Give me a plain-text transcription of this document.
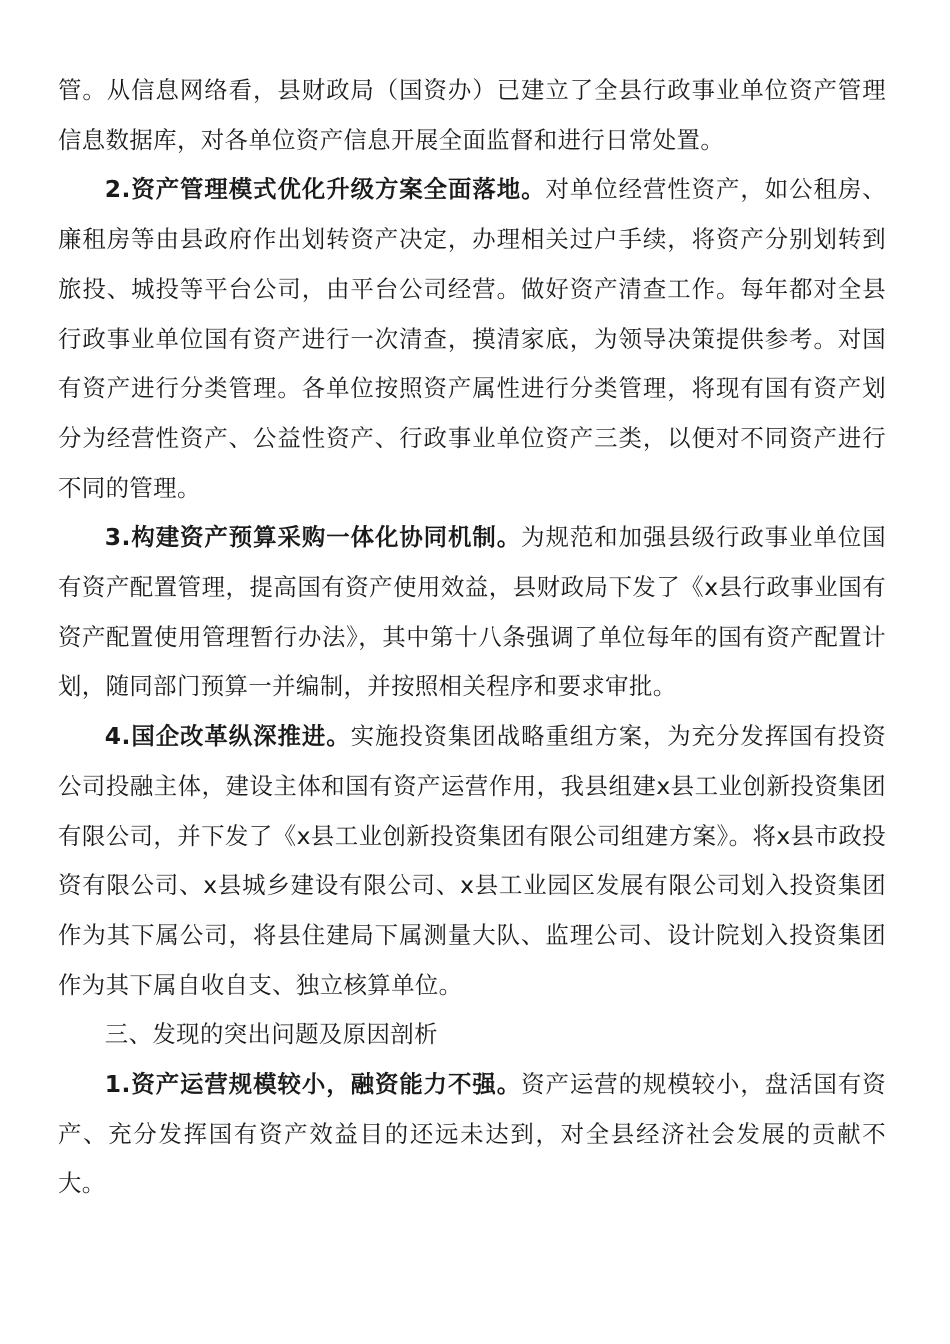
管。从信息网络看，县财政局（国资办）已建立了全县行政事业单位资产管理信息数据库，对各单位资产信息开展全面监督和进行日常处置。

2.资产管理模式优化升级方案全面落地。对单位经营性资产，如公租房、廉租房等由县政府作出划转资产决定，办理相关过户手续，将资产分别划转到旅投、城投等平台公司，由平台公司经营。做好资产清查工作。每年都对全县行政事业单位国有资产进行一次清查，摸清家底，为领导决策提供参考。对国有资产进行分类管理。各单位按照资产属性进行分类管理，将现有国有资产划分为经营性资产、公益性资产、行政事业单位资产三类，以便对不同资产进行不同的管理。

3.构建资产预算采购一体化协同机制。为规范和加强县级行政事业单位国有资产配置管理，提高国有资产使用效益，县财政局下发了《x县行政事业国有资产配置使用管理暂行办法》，其中第十八条强调了单位每年的国有资产配置计划，随同部门预算一并编制，并按照相关程序和要求审批。

4.国企改革纵深推进。实施投资集团战略重组方案，为充分发挥国有投资公司投融主体，建设主体和国有资产运营作用，我县组建x县工业创新投资集团有限公司，并下发了《x县工业创新投资集团有限公司组建方案》。将x县市政投资有限公司、x县城乡建设有限公司、x县工业园区发展有限公司划入投资集团作为其下属公司，将县住建局下属测量大队、监理公司、设计院划入投资集团作为其下属自收自支、独立核算单位。

三、发现的突出问题及原因剖析

1.资产运营规模较小，融资能力不强。资产运营的规模较小，盘活国有资产、充分发挥国有资产效益目的还远未达到，对全县经济社会发展的贡献不大。
